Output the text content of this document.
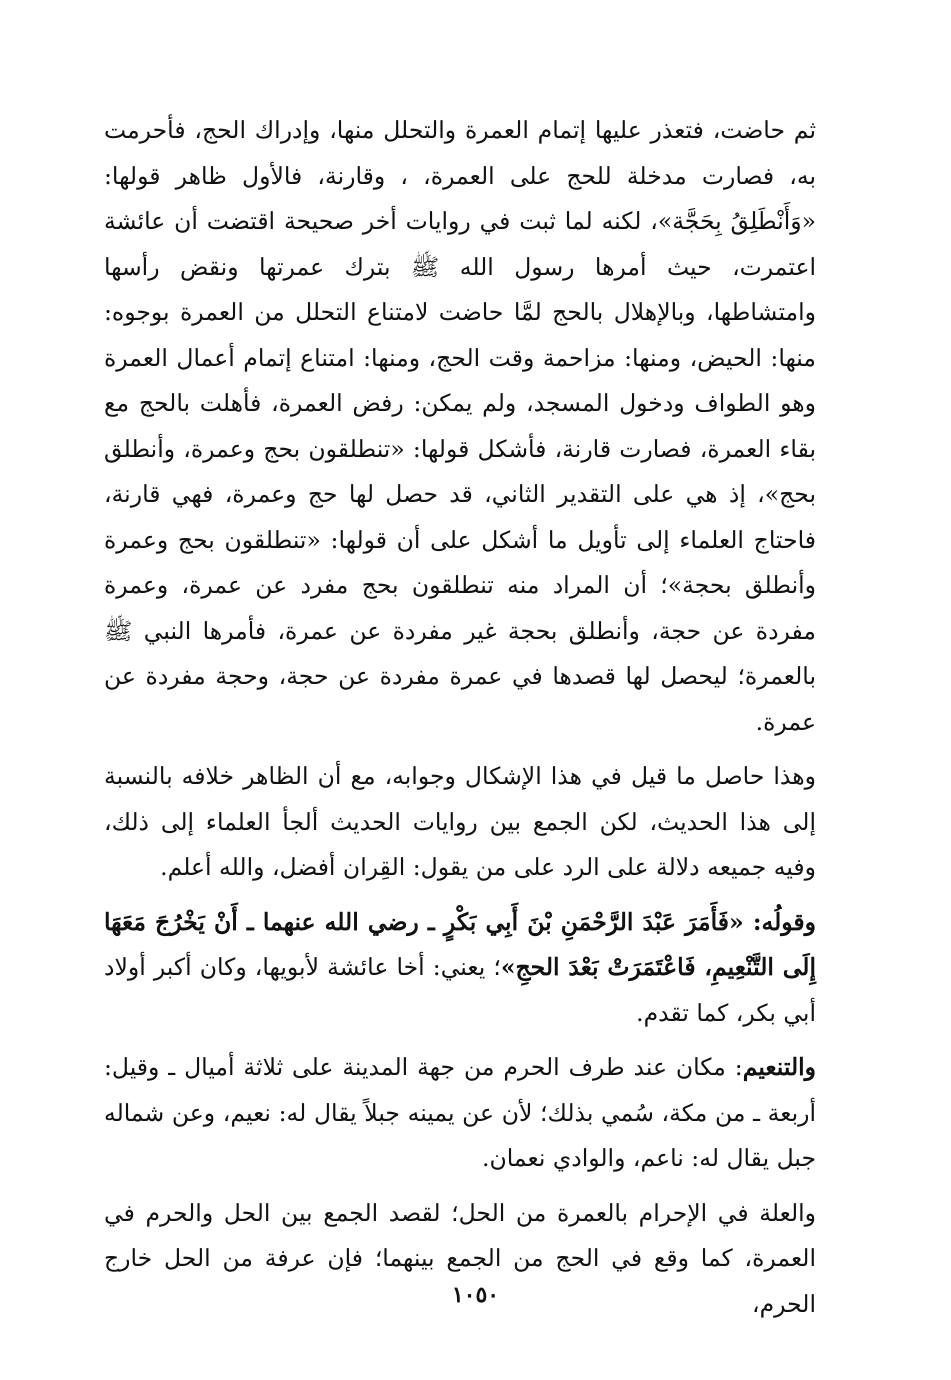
ثم حاضت، فتعذر عليها إتمام العمرة والتحلل منها، وإدراك الحج، فأحرمت به، فصارت مدخلة للحج على العمرة، ، وقارنة، فالأول ظاهر قولها: «وَأَنْطَلِقُ بِحَجَّة»، لكنه لما ثبت في روايات أخر صحيحة اقتضت أن عائشة اعتمرت، حيث أمرها رسول الله ﷺ بترك عمرتها ونقض رأسها وامتشاطها، وبالإهلال بالحج لمَّا حاضت لامتناع التحلل من العمرة بوجوه: منها: الحيض، ومنها: مزاحمة وقت الحج، ومنها: امتناع إتمام أعمال العمرة وهو الطواف ودخول المسجد، ولم يمكن: رفض العمرة، فأهلت بالحج مع بقاء العمرة، فصارت قارنة، فأشكل قولها: «تنطلقون بحج وعمرة، وأنطلق بحج»، إذ هي على التقدير الثاني، قد حصل لها حج وعمرة، فهي قارنة، فاحتاج العلماء إلى تأويل ما أشكل على أن قولها: «تنطلقون بحج وعمرة وأنطلق بحجة»؛ أن المراد منه تنطلقون بحج مفرد عن عمرة، وعمرة مفردة عن حجة، وأنطلق بحجة غير مفردة عن عمرة، فأمرها النبي ﷺ بالعمرة؛ ليحصل لها قصدها في عمرة مفردة عن حجة، وحجة مفردة عن عمرة.

وهذا حاصل ما قيل في هذا الإشكال وجوابه، مع أن الظاهر خلافه بالنسبة إلى هذا الحديث، لكن الجمع بين روايات الحديث ألجأ العلماء إلى ذلك، وفيه جميعه دلالة على الرد على من يقول: القِران أفضل، والله أعلم.

وقولُه: «فَأَمَرَ عَبْدَ الرَّحْمَنِ بْنَ أَبِي بَكْرٍ ـ رضي الله عنهما ـ أَنْ يَخْرُجَ مَعَهَا إِلَى التَّنْعِيمِ، فَاعْتَمَرَتْ بَعْدَ الحجِ»؛ يعني: أخا عائشة لأبويها، وكان أكبر أولاد أبي بكر، كما تقدم.

والتنعيم: مكان عند طرف الحرم من جهة المدينة على ثلاثة أميال ـ وقيل: أربعة ـ من مكة، سُمي بذلك؛ لأن عن يمينه جبلاً يقال له: نعيم، وعن شماله جبل يقال له: ناعم، والوادي نعمان.

والعلة في الإحرام بالعمرة من الحل؛ لقصد الجمع بين الحل والحرم في العمرة، كما وقع في الحج من الجمع بينهما؛ فإن عرفة من الحل خارج الحرم،

١٠٥٠
